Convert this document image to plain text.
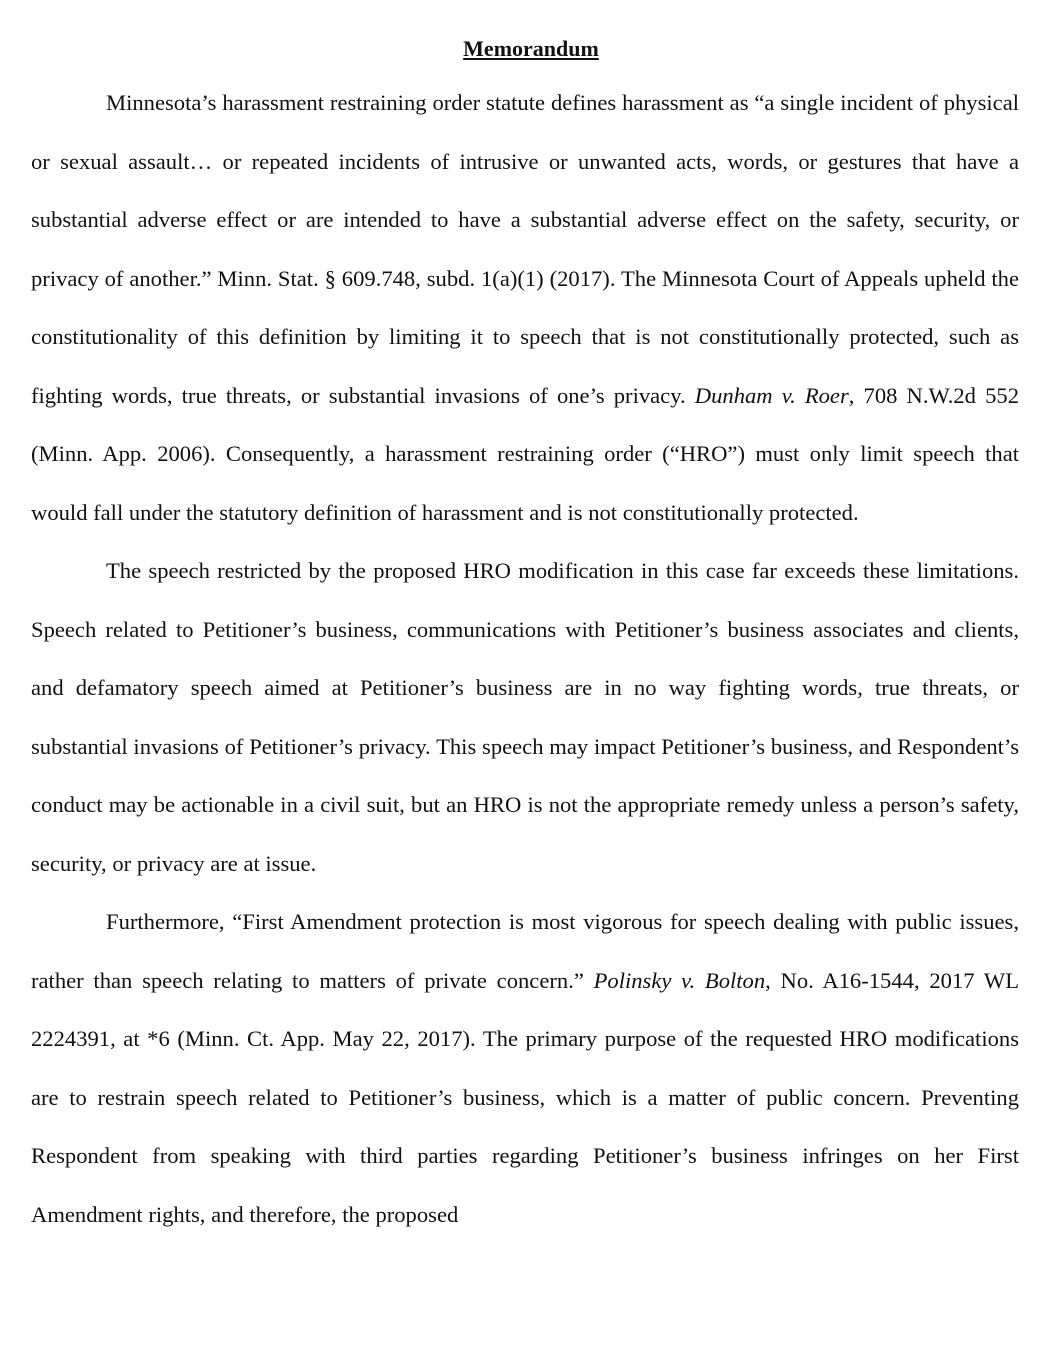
Memorandum

Minnesota’s harassment restraining order statute defines harassment as “a single incident of physical or sexual assault… or repeated incidents of intrusive or unwanted acts, words, or gestures that have a substantial adverse effect or are intended to have a substantial adverse effect on the safety, security, or privacy of another.” Minn. Stat. § 609.748, subd. 1(a)(1) (2017). The Minnesota Court of Appeals upheld the constitutionality of this definition by limiting it to speech that is not constitutionally protected, such as fighting words, true threats, or substantial invasions of one’s privacy. Dunham v. Roer, 708 N.W.2d 552 (Minn. App. 2006). Consequently, a harassment restraining order (“HRO”) must only limit speech that would fall under the statutory definition of harassment and is not constitutionally protected.

The speech restricted by the proposed HRO modification in this case far exceeds these limitations. Speech related to Petitioner’s business, communications with Petitioner’s business associates and clients, and defamatory speech aimed at Petitioner’s business are in no way fighting words, true threats, or substantial invasions of Petitioner’s privacy. This speech may impact Petitioner’s business, and Respondent’s conduct may be actionable in a civil suit, but an HRO is not the appropriate remedy unless a person’s safety, security, or privacy are at issue.

Furthermore, “First Amendment protection is most vigorous for speech dealing with public issues, rather than speech relating to matters of private concern.” Polinsky v. Bolton, No. A16-1544, 2017 WL 2224391, at *6 (Minn. Ct. App. May 22, 2017). The primary purpose of the requested HRO modifications are to restrain speech related to Petitioner’s business, which is a matter of public concern. Preventing Respondent from speaking with third parties regarding Petitioner’s business infringes on her First Amendment rights, and therefore, the proposed
